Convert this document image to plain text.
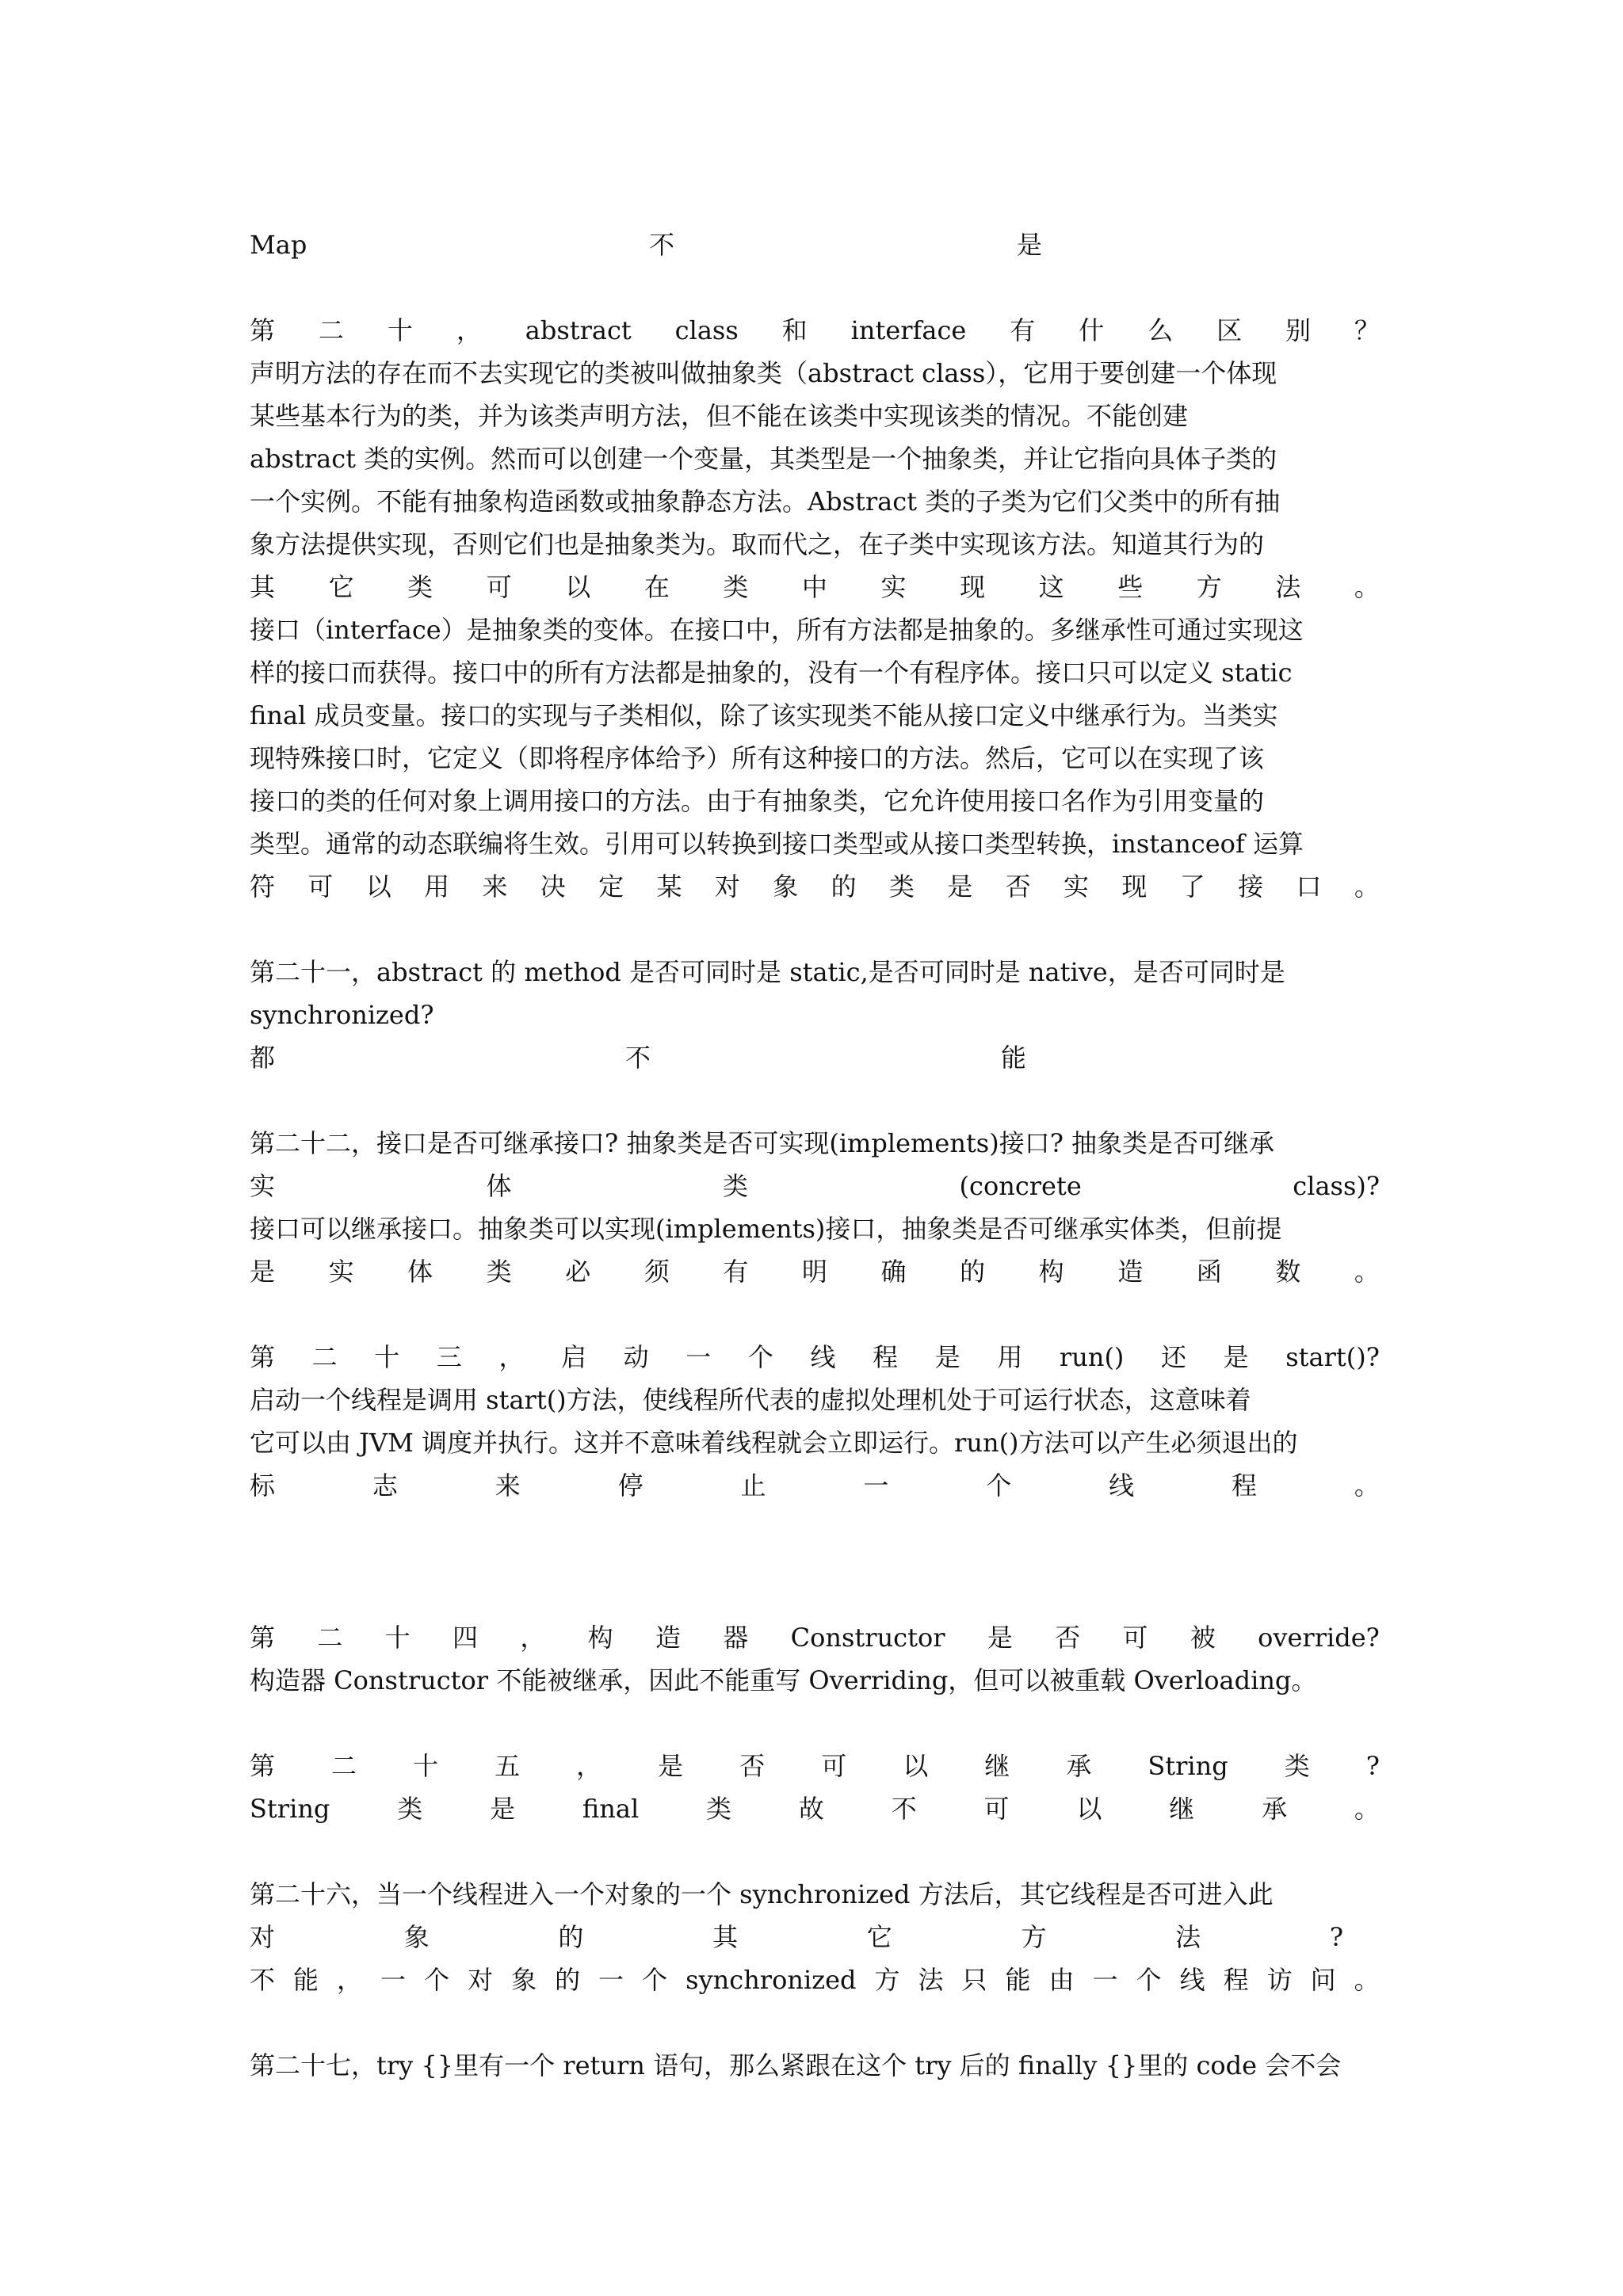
Map	不	是
第 二 十 ， abstract class 和 interface 有 什 么 区 别 ？
声明方法的存在而不去实现它的类被叫做抽象类（abstract class），它用于要创建一个体现
某些基本行为的类，并为该类声明方法，但不能在该类中实现该类的情况。不能创建
abstract 类的实例。然而可以创建一个变量，其类型是一个抽象类，并让它指向具体子类的
一个实例。不能有抽象构造函数或抽象静态方法。Abstract 类的子类为它们父类中的所有抽
象方法提供实现，否则它们也是抽象类为。取而代之，在子类中实现该方法。知道其行为的
其 它 类 可 以 在 类 中 实 现 这 些 方 法 。
接口（interface）是抽象类的变体。在接口中，所有方法都是抽象的。多继承性可通过实现这
样的接口而获得。接口中的所有方法都是抽象的，没有一个有程序体。接口只可以定义 static
final 成员变量。接口的实现与子类相似，除了该实现类不能从接口定义中继承行为。当类实
现特殊接口时，它定义（即将程序体给予）所有这种接口的方法。然后，它可以在实现了该
接口的类的任何对象上调用接口的方法。由于有抽象类，它允许使用接口名作为引用变量的
类型。通常的动态联编将生效。引用可以转换到接口类型或从接口类型转换，instanceof 运算
符 可 以 用 来 决 定 某 对 象 的 类 是 否 实 现 了 接 口 。
第二十一，abstract 的 method 是否可同时是 static,是否可同时是 native，是否可同时是
synchronized?
都	不	能
第二十二，接口是否可继承接口? 抽象类是否可实现(implements)接口? 抽象类是否可继承
实	体	类	(concrete	class)?
接口可以继承接口。抽象类可以实现(implements)接口，抽象类是否可继承实体类，但前提
是 实 体 类 必 须 有 明 确 的 构 造 函 数 。
第 二 十 三 ， 启 动 一 个 线 程 是 用 run() 还 是 start()?
启动一个线程是调用 start()方法，使线程所代表的虚拟处理机处于可运行状态，这意味着
它可以由 JVM 调度并执行。这并不意味着线程就会立即运行。run()方法可以产生必须退出的
标	志	来	停	止	一	个	线	程	。
第 二 十 四 ， 构 造 器 Constructor 是 否 可 被 override?
构造器 Constructor 不能被继承，因此不能重写 Overriding，但可以被重载 Overloading。
第 二 十 五 ， 是 否 可 以 继 承 String 类 ?
String	类	是	final	类	故	不	可	以	继	承	。
第二十六，当一个线程进入一个对象的一个 synchronized 方法后，其它线程是否可进入此
对	象	的	其	它	方	法	?
不 能 ， 一 个 对 象 的 一 个 synchronized 方 法 只 能 由 一 个 线 程 访 问 。
第二十七，try {}里有一个 return 语句，那么紧跟在这个 try 后的 finally {}里的 code 会不会
